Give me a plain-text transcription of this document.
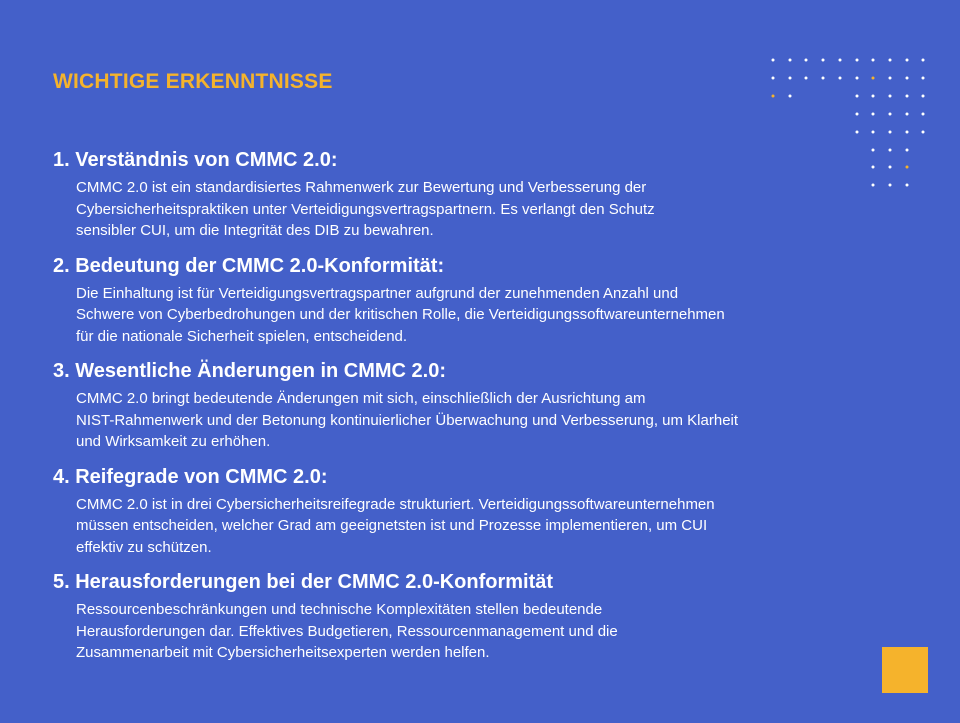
WICHTIGE ERKENNTNISSE
1. Verständnis von CMMC 2.0:

CMMC 2.0 ist ein standardisiertes Rahmenwerk zur Bewertung und Verbesserung der
Cybersicherheitspraktiken unter Verteidigungsvertragspartnern. Es verlangt den Schutz
sensibler CUI, um die Integrität des DIB zu bewahren.

2. Bedeutung der CMMC 2.0-Konformität:

Die Einhaltung ist für Verteidigungsvertragspartner aufgrund der zunehmenden Anzahl und
Schwere von Cyberbedrohungen und der kritischen Rolle, die Verteidigungssoftwareunternehmen
für die nationale Sicherheit spielen, entscheidend.

3. Wesentliche Änderungen in CMMC 2.0:

CMMC 2.0 bringt bedeutende Änderungen mit sich, einschließlich der Ausrichtung am
NIST-Rahmenwerk und der Betonung kontinuierlicher Überwachung und Verbesserung, um Klarheit
und Wirksamkeit zu erhöhen.

4. Reifegrade von CMMC 2.0:

CMMC 2.0 ist in drei Cybersicherheitsreifegrade strukturiert. Verteidigungssoftwareunternehmen
müssen entscheiden, welcher Grad am geeignetsten ist und Prozesse implementieren, um CUI
effektiv zu schützen.

5. Herausforderungen bei der CMMC 2.0-Konformität

Ressourcenbeschränkungen und technische Komplexitäten stellen bedeutende
Herausforderungen dar. Effektives Budgetieren, Ressourcenmanagement und die
Zusammenarbeit mit Cybersicherheitsexperten werden helfen.
